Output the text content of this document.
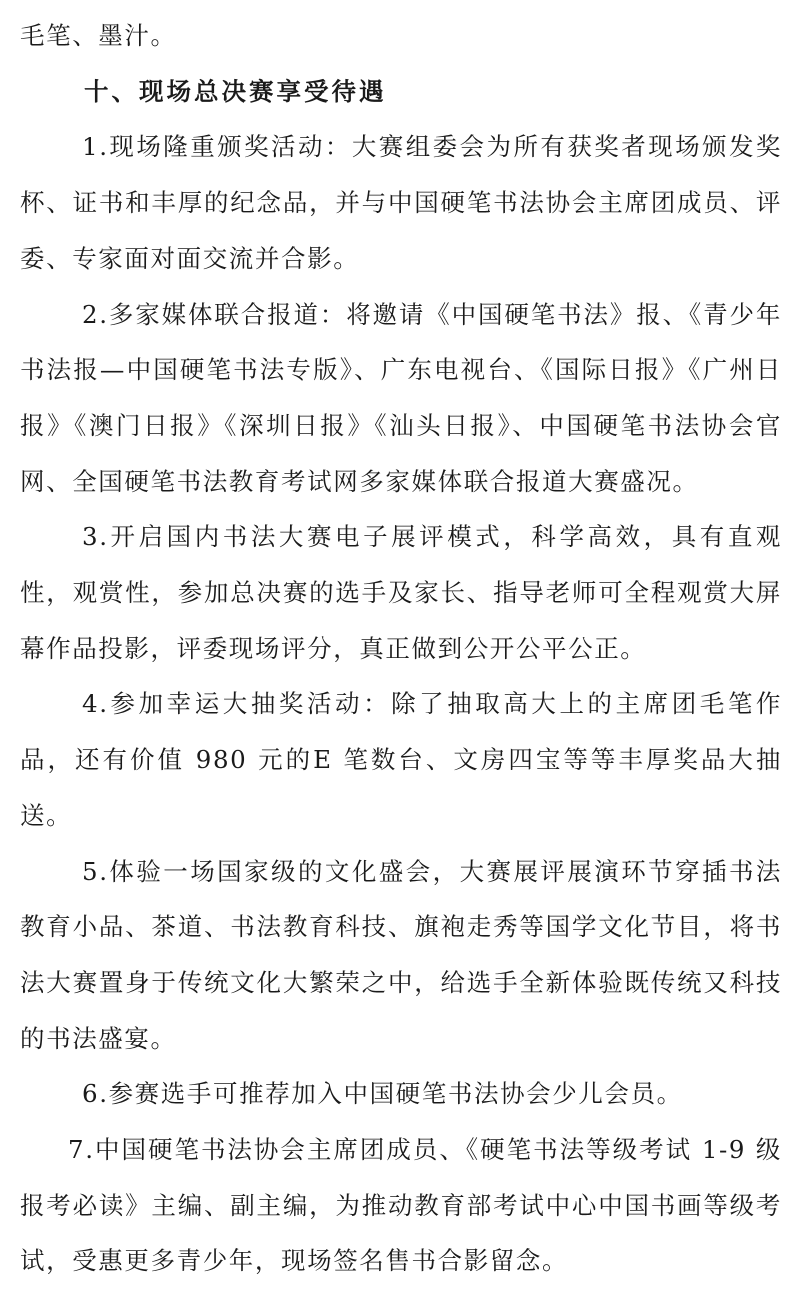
毛笔、墨汁。

十、现场总决赛享受待遇

1.现场隆重颁奖活动：大赛组委会为所有获奖者现场颁发奖杯、证书和丰厚的纪念品，并与中国硬笔书法协会主席团成员、评委、专家面对面交流并合影。

2.多家媒体联合报道：将邀请《中国硬笔书法》报、《青少年书法报—中国硬笔书法专版》、广东电视台、《国际日报》《广州日报》《澳门日报》《深圳日报》《汕头日报》、中国硬笔书法协会官网、全国硬笔书法教育考试网多家媒体联合报道大赛盛况。

3.开启国内书法大赛电子展评模式，科学高效，具有直观性，观赏性，参加总决赛的选手及家长、指导老师可全程观赏大屏幕作品投影，评委现场评分，真正做到公开公平公正。

4.参加幸运大抽奖活动：除了抽取高大上的主席团毛笔作品，还有价值 980 元的E 笔数台、文房四宝等等丰厚奖品大抽送。

5.体验一场国家级的文化盛会，大赛展评展演环节穿插书法教育小品、茶道、书法教育科技、旗袍走秀等国学文化节目，将书法大赛置身于传统文化大繁荣之中，给选手全新体验既传统又科技的书法盛宴。

6.参赛选手可推荐加入中国硬笔书法协会少儿会员。

7.中国硬笔书法协会主席团成员、《硬笔书法等级考试 1-9 级报考必读》主编、副主编，为推动教育部考试中心中国书画等级考试，受惠更多青少年，现场签名售书合影留念。
